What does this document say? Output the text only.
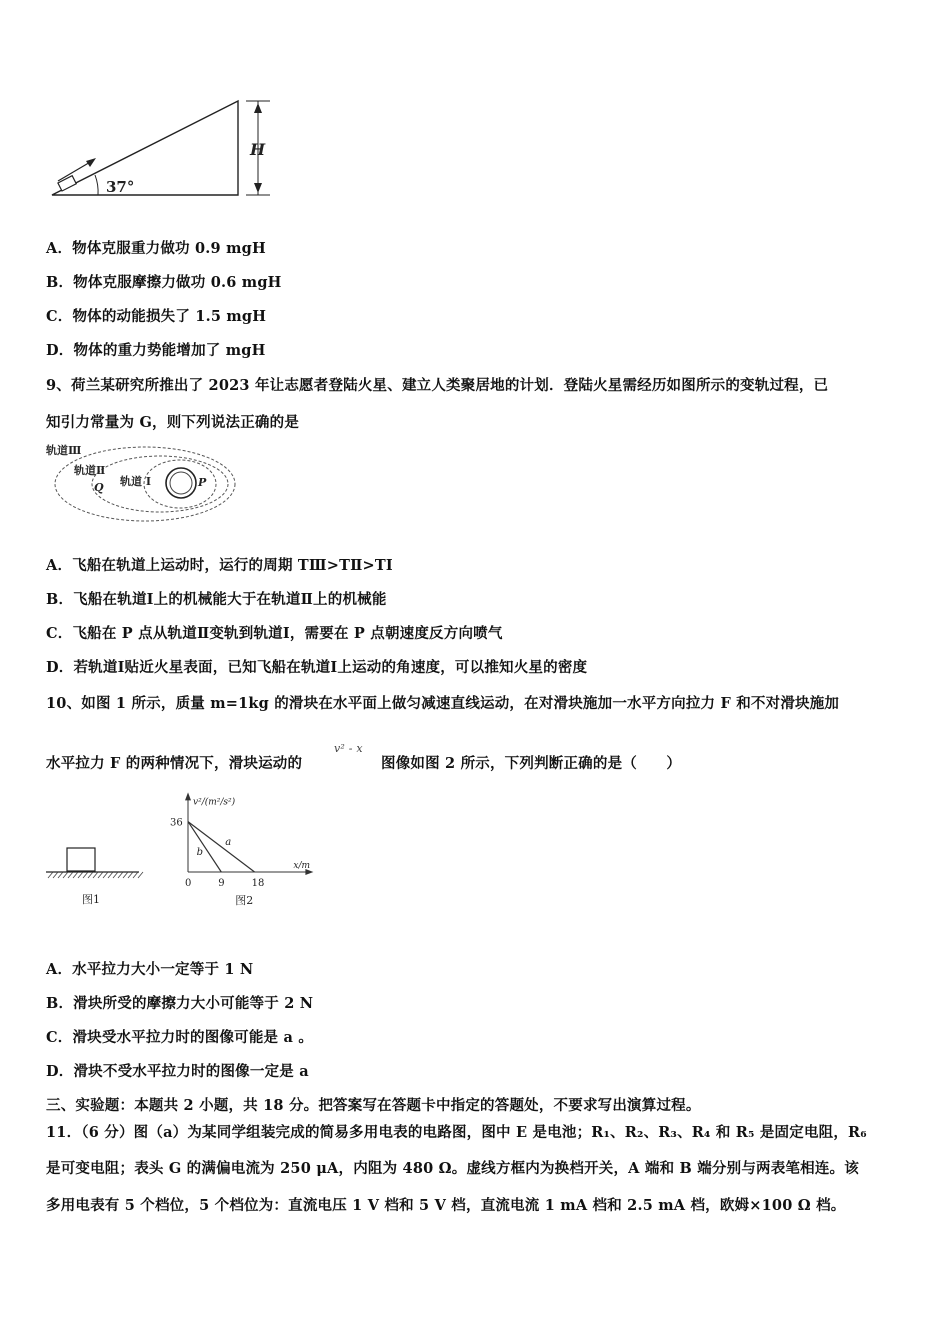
37°
H
A．物体克服重力做功 0.9 mgH
B．物体克服摩擦力做功 0.6 mgH
C．物体的动能损失了 1.5 mgH
D．物体的重力势能增加了 mgH
9、荷兰某研究所推出了 2023 年让志愿者登陆火星、建立人类聚居地的计划．登陆火星需经历如图所示的变轨过程，已
知引力常量为 G，则下列说法正确的是
轨道Ⅲ
轨道Ⅱ
轨道 Ⅰ
Q	P
A．飞船在轨道上运动时，运行的周期 TⅢ>TⅡ>TⅠ
B．飞船在轨道Ⅰ上的机械能大于在轨道Ⅱ上的机械能
C．飞船在 P 点从轨道Ⅱ变轨到轨道Ⅰ，需要在 P 点朝速度反方向喷气
D．若轨道Ⅰ贴近火星表面，已知飞船在轨道Ⅰ上运动的角速度，可以推知火星的密度
10、如图 1 所示，质量 m=1kg 的滑块在水平面上做匀减速直线运动，在对滑块施加一水平方向拉力 F 和不对滑块施加
水平拉力 F 的两种情况下，滑块运动的
v² - x
图像如图 2 所示，下列判断正确的是（　　）
图1
v²/(m²/s²)
x/m
0	9	18
36
a
b
图2
A．水平拉力大小一定等于 1 N
B．滑块所受的摩擦力大小可能等于 2 N
C．滑块受水平拉力时的图像可能是 a 。
D．滑块不受水平拉力时的图像一定是 a
三、实验题：本题共 2 小题，共 18 分。把答案写在答题卡中指定的答题处，不要求写出演算过程。
11．（6 分）图（a）为某同学组装完成的简易多用电表的电路图，图中 E 是电池；R₁、R₂、R₃、R₄ 和 R₅ 是固定电阻，R₆
是可变电阻；表头 G 的满偏电流为 250 μA，内阻为 480 Ω。虚线方框内为换档开关，A 端和 B 端分别与两表笔相连。该
多用电表有 5 个档位，5 个档位为：直流电压 1 V 档和 5 V 档，直流电流 1 mA 档和 2.5 mA 档，欧姆×100 Ω 档。
